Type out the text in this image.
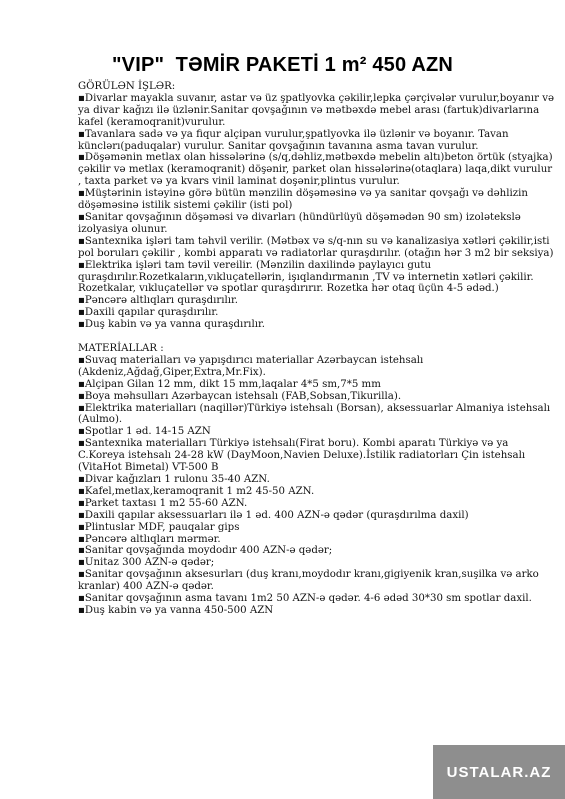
"VIP"  TƏMİR PAKETİ 1 m² 450 AZN
GÖRÜLƏN İŞLƏR:
▪Divarlar mayakla suvanır, astar və üz şpatlyovka çəkilir,lepka çərçivələr vurulur,boyanır və ya divar kağızı ilə üzlənir.Sanitar qovşağının və mətbəxdə mebel arası (fartuk)divarlarına kafel (keramoqranit)vurulur.
▪Tavanlara sadə və ya fiqur alçipan vurulur,şpatlyovka ilə üzlənir və boyanır. Tavan künclərı(paduqalar) vurulur. Sanitar qovşağının tavanına asma tavan vurulur.
▪Döşəmənin metlax olan hissələrinə (s/q,dəhliz,mətbəxdə mebelin altı)beton örtük (styajka) çəkilir və metlax (keramoqranit) döşənir, parket olan hissələrinə(otaqlara) laqa,dikt vurulur , taxta parket və ya kvars vinil laminat doşənir,plintus vurulur.
▪Müştərinin istəyinə görə bütün mənzilin döşəməsinə və ya sanitar qovşağı və dəhlizin döşəməsinə istilik sistemi çəkilir (isti pol)
▪Sanitar qovşağının döşəməsi və divarları (hündürlüyü döşəmədən 90 sm) izolətekslə izolyasiya olunur.
▪Santexnika işləri tam təhvil verilir. (Mətbəx və s/q-nın su və kanalizasiya xətləri çəkilir,isti pol boruları çəkilir , kombi apparatı və radiatorlar quraşdırılır. (otağın hər 3 m2 bir seksiya)
▪Elektrika işləri tam təvil vereilir. (Mənzilin daxilində paylayıcı gutu quraşdırılır.Rozetkaların,vıkluçatellərin, işıqlandırmanın ,TV və internetin xətləri çəkilir. Rozetkalar, vıkluçatellər və spotlar quraşdırırır. Rozetka hər otaq üçün 4-5 ədəd.)
▪Pəncərə altlıqları quraşdırılır.
▪Daxili qapılar quraşdırılır.
▪Duş kabin və ya vanna quraşdırılır.
MATERİALLAR :
▪Suvaq materialları və yapışdırıcı materiallar Azərbaycan istehsalı (Akdeniz,Ağdağ,Giper,Extra,Mr.Fix).
▪Alçipan Gilan 12 mm, dikt 15 mm,laqalar 4*5 sm,7*5 mm
▪Boya məhsulları Azərbaycan istehsalı (FAB,Sobsan,Tikurilla).
▪Elektrika materialları (naqillər)Türkiyə istehsalı (Borsan), aksessuarlar Almaniya istehsalı (Aulmo).
▪Spotlar 1 əd. 14-15 AZN
▪Santexnika materialları Türkiyə istehsalı(Firat boru). Kombi aparatı Türkiyə və ya C.Koreya istehsalı 24-28 kW (DayMoon,Navien Deluxe).İstilik radiatorları Çin istehsalı (VitaHot Bimetal) VT-500 B
▪Divar kağızları 1 rulonu 35-40 AZN.
▪Kafel,metlax,keramoqranit 1 m2 45-50 AZN.
▪Parket taxtası 1 m2 55-60 AZN.
▪Daxili qapılar aksessuarları ilə 1 əd. 400 AZN-ə qədər (quraşdırılma daxil)
▪Plintuslar MDF, pauqalar gips
▪Pəncərə altlıqları mərmər.
▪Sanitar qovşağında moydodır 400 AZN-ə qədər;
▪Unitaz 300 AZN-ə qədər;
▪Sanitar qovşağının aksesurları (duş kranı,moydodır kranı,gigiyenik kran,suşilka və arko kranlar) 400 AZN-ə qədər.
▪Sanitar qovşağının asma tavanı 1m2 50 AZN-ə qədər. 4-6 ədəd 30*30 sm spotlar daxil.
▪Duş kabin və ya vanna 450-500 AZN
USTALAR.AZ
